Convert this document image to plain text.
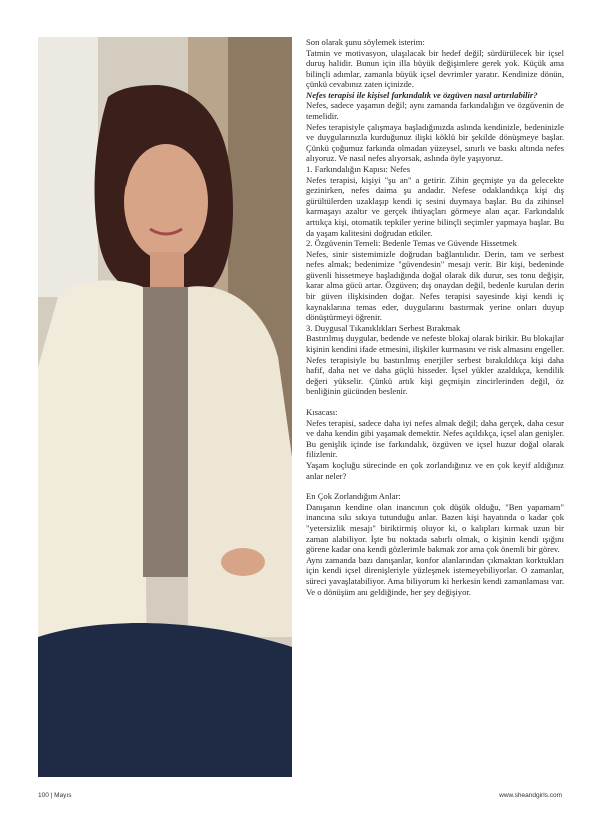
Son olarak şunu söylemek isterim:

Tatmin ve motivasyon, ulaşılacak bir hedef değil; sürdürülecek bir içsel duruş halidir. Bunun için illa büyük değişimlere gerek yok. Küçük ama bilinçli adımlar, zamanla büyük içsel devrimler yaratır. Kendinize dönün, çünkü cevabınız zaten içinizde.

Nefes terapisi ile kişisel farkındalık ve özgüven nasıl artırılabilir?

Nefes, sadece yaşamın değil; aynı zamanda farkındalığın ve özgüvenin de temelidir.

Nefes terapisiyle çalışmaya başladığınızda aslında kendinizle, bedeninizle ve duygularınızla kurduğunuz ilişki köklü bir şekilde dönüşmeye başlar. Çünkü çoğumuz farkında olmadan yüzeysel, sınırlı ve baskı altında nefes alıyoruz. Ve nasıl nefes alıyorsak, aslında öyle yaşıyoruz.

1. Farkındalığın Kapısı: Nefes

Nefes terapisi, kişiyi "şu an" a getirir. Zihin geçmişte ya da gelecekte gezinirken, nefes daima şu andadır. Nefese odaklandıkça kişi dış gürültülerden uzaklaşıp kendi iç sesini duymaya başlar. Bu da zihinsel karmaşayı azaltır ve gerçek ihtiyaçları görmeye alan açar. Farkındalık arttıkça kişi, otomatik tepkiler yerine bilinçli seçimler yapmaya başlar. Bu da yaşam kalitesini doğrudan etkiler.

2. Özgüvenin Temeli: Bedenle Temas ve Güvende Hissetmek

Nefes, sinir sistemimizle doğrudan bağlantılıdır. Derin, tam ve serbest nefes almak; bedenimize "güvendesin" mesajı verir. Bir kişi, bedeninde güvenli hissetmeye başladığında doğal olarak dik durur, ses tonu değişir, karar alma gücü artar. Özgüven; dış onaydan değil, bedenle kurulan derin bir güven ilişkisinden doğar. Nefes terapisi sayesinde kişi kendi iç kaynaklarına temas eder, duygularını bastırmak yerine onları duyup dönüştürmeyi öğrenir.

3. Duygusal Tıkanıklıkları Serbest Bırakmak

Bastırılmış duygular, bedende ve nefeste blokaj olarak birikir. Bu blokajlar kişinin kendini ifade etmesini, ilişkiler kurmasını ve risk almasını engeller. Nefes terapisiyle bu bastırılmış enerjiler serbest bırakıldıkça kişi daha hafif, daha net ve daha güçlü hisseder. İçsel yükler azaldıkça, kendilik değeri yükselir. Çünkü artık kişi geçmişin zincirlerinden değil, öz benliğinin gücünden beslenir.

Kısacası:

Nefes terapisi, sadece daha iyi nefes almak değil; daha gerçek, daha cesur ve daha kendin gibi yaşamak demektir. Nefes açıldıkça, içsel alan genişler. Bu genişlik içinde ise farkındalık, özgüven ve içsel huzur doğal olarak filizlenir.

Yaşam koçluğu sürecinde en çok zorlandığınız ve en çok keyif aldığınız anlar neler?

En Çok Zorlandığım Anlar:

Danışanın kendine olan inancının çok düşük olduğu, "Ben yapamam" inancına sıkı sıkıya tutunduğu anlar. Bazen kişi hayatında o kadar çok "yetersizlik mesajı" biriktirmiş oluyor ki, o kalıpları kırmak uzun bir zaman alabiliyor. İşte bu noktada sabırlı olmak, o kişinin kendi ışığını görene kadar ona kendi gözlerimle bakmak zor ama çok önemli bir görev.

Aynı zamanda bazı danışanlar, konfor alanlarından çıkmaktan korktukları için kendi içsel direnişleriyle yüzleşmek istemeyebiliyorlar. O zamanlar, süreci yavaşlatabiliyor. Ama biliyorum ki herkesin kendi zamanlaması var. Ve o dönüşüm anı geldiğinde, her şey değişiyor.

100 | Mayıs	www.sheandgirls.com
